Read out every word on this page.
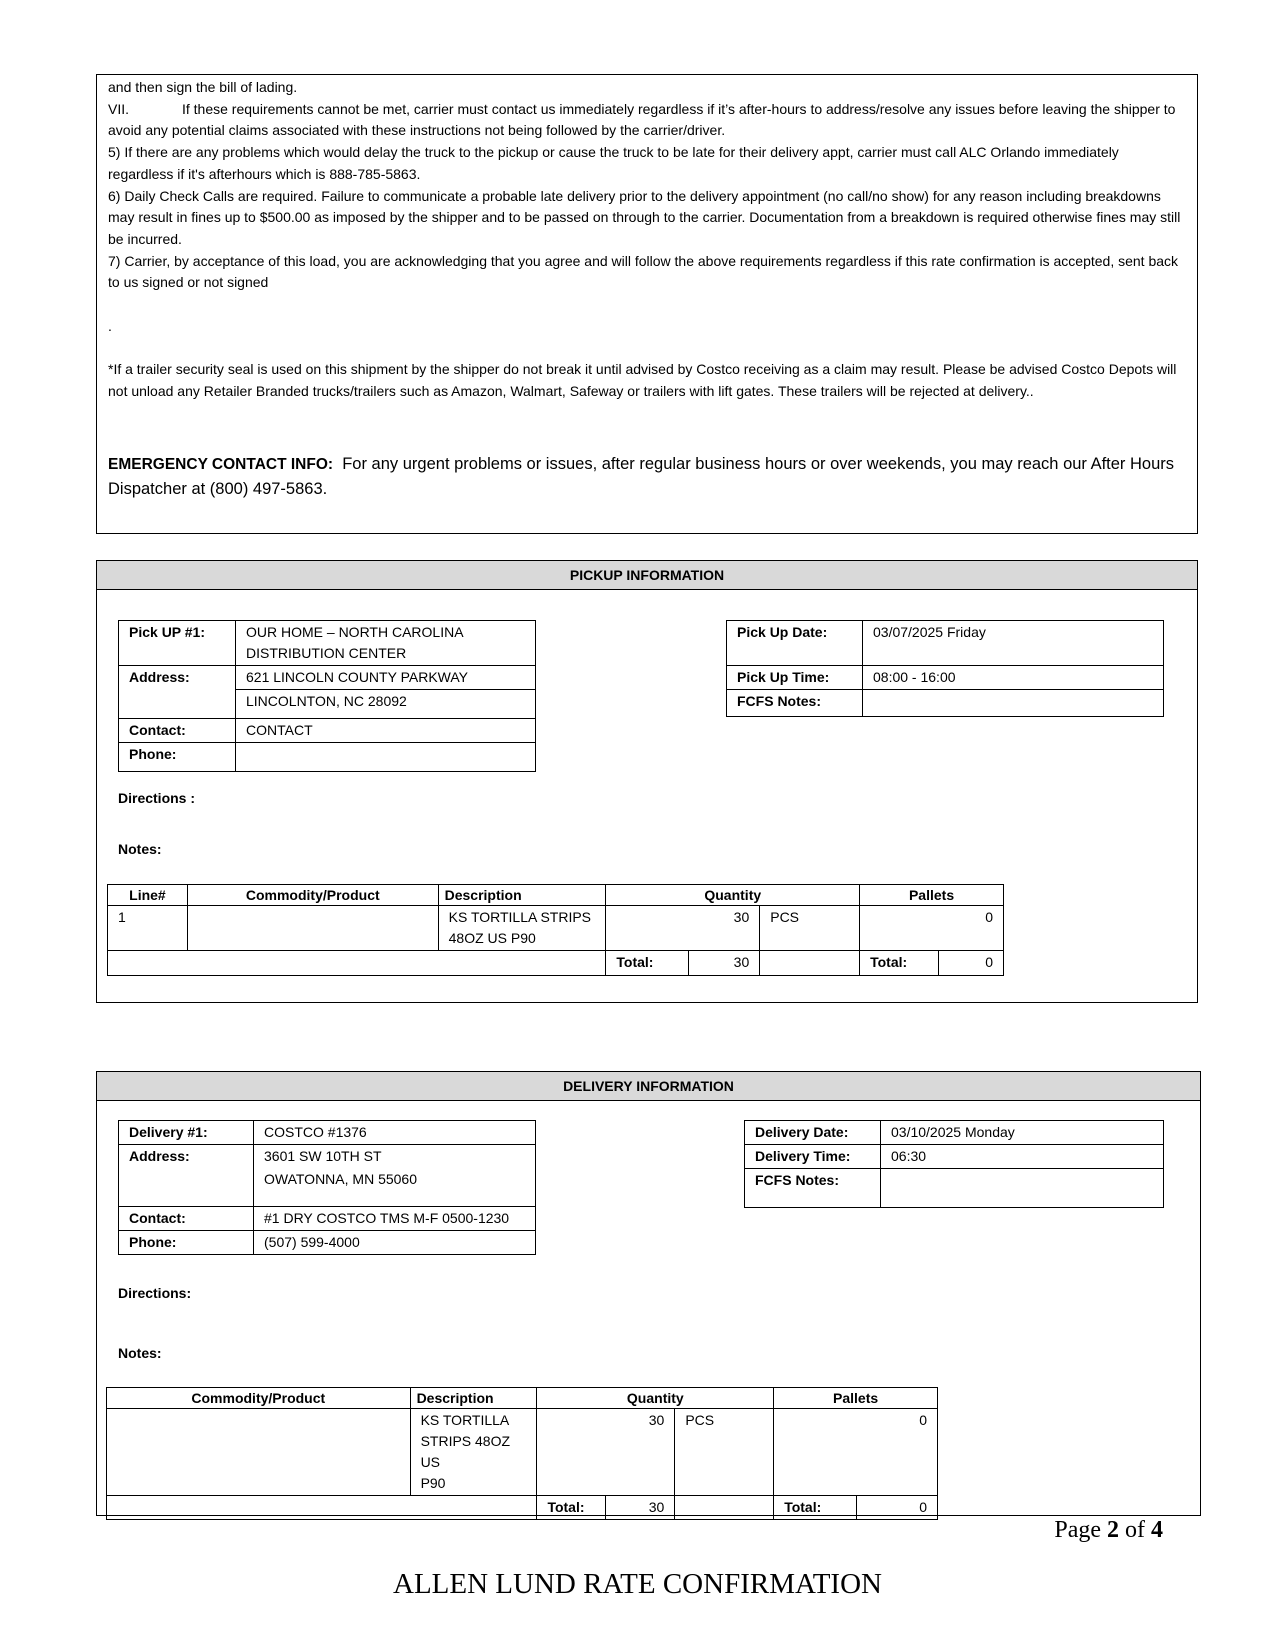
and then sign the bill of lading.

VII.	If these requirements cannot be met, carrier must contact us immediately regardless if it’s after-hours to address/resolve any issues before leaving the shipper to avoid any potential claims associated with these instructions not being followed by the carrier/driver.

5) If there are any problems which would delay the truck to the pickup or cause the truck to be late for their delivery appt, carrier must call ALC Orlando immediately regardless if it's afterhours which is 888-785-5863.

6) Daily Check Calls are required. Failure to communicate a probable late delivery prior to the delivery appointment (no call/no show) for any reason including breakdowns may result in fines up to $500.00 as imposed by the shipper and to be passed on through to the carrier. Documentation from a breakdown is required otherwise fines may still be incurred.

7) Carrier, by acceptance of this load, you are acknowledging that you agree and will follow the above requirements regardless if this rate confirmation is accepted, sent back to us signed or not signed

.

*If a trailer security seal is used on this shipment by the shipper do not break it until advised by Costco receiving as a claim may result. Please be advised Costco Depots will not unload any Retailer Branded trucks/trailers such as Amazon, Walmart, Safeway or trailers with lift gates. These trailers will be rejected at delivery..

EMERGENCY CONTACT INFO: For any urgent problems or issues, after regular business hours or over weekends, you may reach our After Hours Dispatcher at (800) 497-5863.

PICKUP INFORMATION
Pick UP #1:	OUR HOME – NORTH CAROLINA
DISTRIBUTION CENTER
Address:	621 LINCOLN COUNTY PARKWAY
	LINCOLNTON, NC 28092
Contact:	CONTACT
Phone:	
Pick Up Date:	03/07/2025 Friday
Pick Up Time:	08:00 - 16:00
FCFS Notes:	
Directions :
Notes:
Line#	Commodity/Product	Description	Quantity			Pallets	
1		KS TORTILLA STRIPS
48OZ US P90	30		PCS	0	
			Total:	30		Total:	0
DELIVERY INFORMATION
Delivery #1:	COSTCO #1376
Address:	3601 SW 10TH ST
	OWATONNA, MN 55060
Contact:	#1 DRY COSTCO TMS M-F 0500-1230
Phone:	(507) 599-4000
Delivery Date:	03/10/2025 Monday
Delivery Time:	06:30
FCFS Notes:	
Directions:
Notes:
Commodity/Product	Description	Quantity			Pallets	
	KS TORTILLA
STRIPS 48OZ US
P90	30		PCS	0	
		Total:	30		Total:	0
Page 2 of 4
ALLEN LUND RATE CONFIRMATION
